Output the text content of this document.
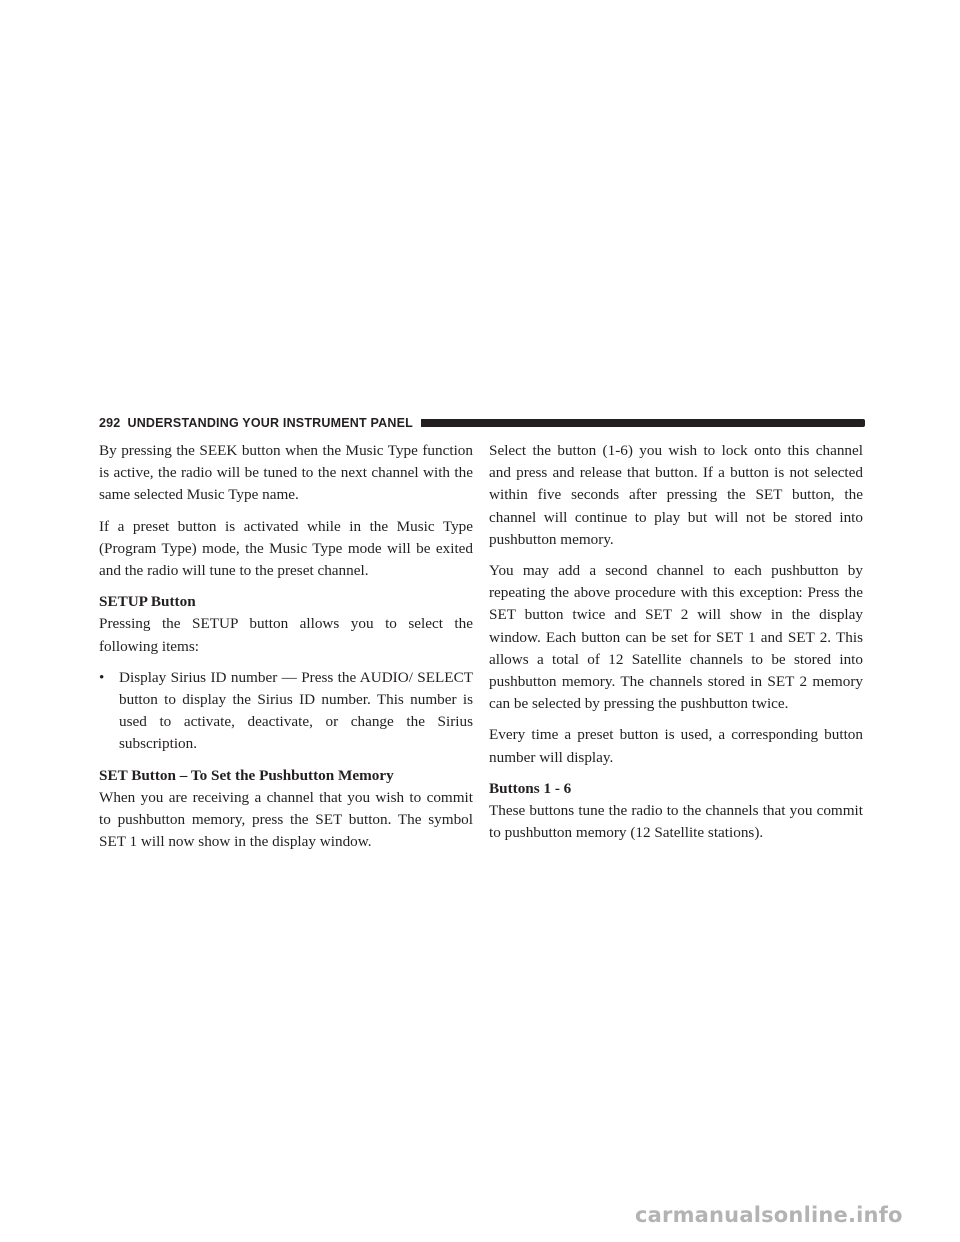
292 UNDERSTANDING YOUR INSTRUMENT PANEL

By pressing the SEEK button when the Music Type function is active, the radio will be tuned to the next channel with the same selected Music Type name.

If a preset button is activated while in the Music Type (Program Type) mode, the Music Type mode will be exited and the radio will tune to the preset channel.

SETUP Button

Pressing the SETUP button allows you to select the following items:

• Display Sirius ID number — Press the AUDIO/ SELECT button to display the Sirius ID number. This number is used to activate, deactivate, or change the Sirius subscription.

SET Button – To Set the Pushbutton Memory

When you are receiving a channel that you wish to commit to pushbutton memory, press the SET button. The symbol SET 1 will now show in the display window.

Select the button (1-6) you wish to lock onto this channel and press and release that button. If a button is not selected within five seconds after pressing the SET button, the channel will continue to play but will not be stored into pushbutton memory.

You may add a second channel to each pushbutton by repeating the above procedure with this exception: Press the SET button twice and SET 2 will show in the display window. Each button can be set for SET 1 and SET 2. This allows a total of 12 Satellite channels to be stored into pushbutton memory. The channels stored in SET 2 memory can be selected by pressing the pushbutton twice.

Every time a preset button is used, a corresponding button number will display.

Buttons 1 - 6

These buttons tune the radio to the channels that you commit to pushbutton memory (12 Satellite stations).

carmanualsonline.info
